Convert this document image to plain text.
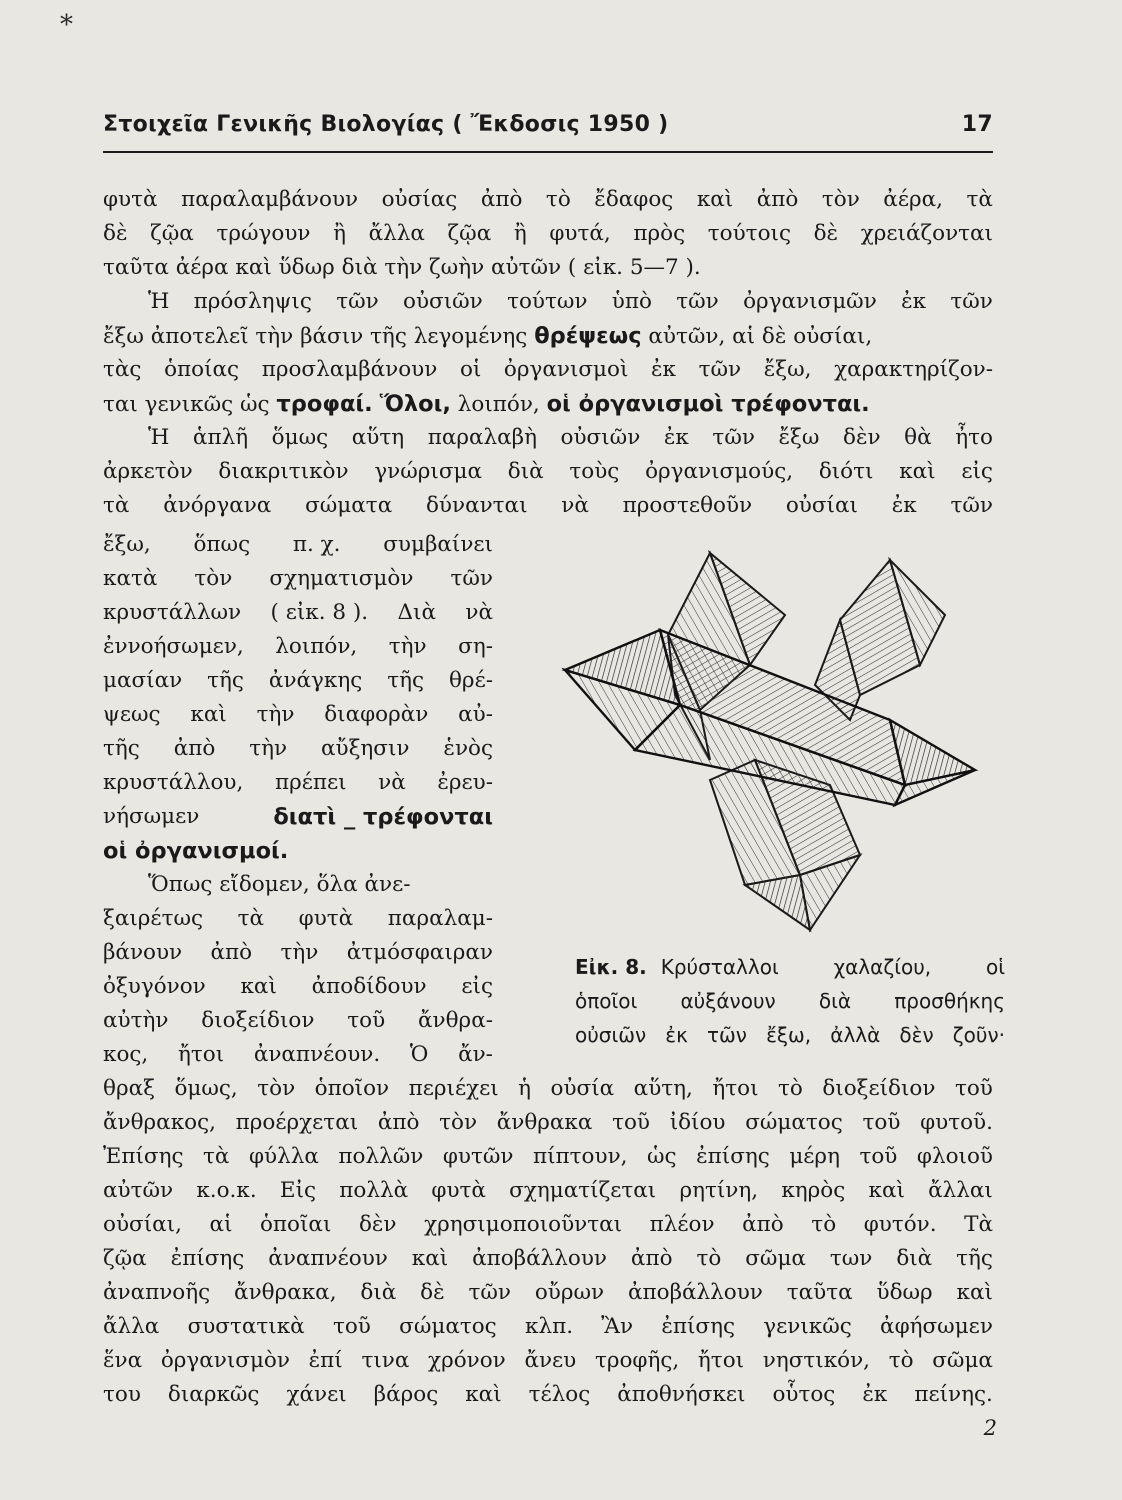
⁎
Στοιχεῖα Γενικῆς Βιολογίας ( Ἔκδοσις 1950 )	17
φυτὰ παραλαμβάνουν οὐσίας ἀπὸ τὸ ἔδαφος καὶ ἀπὸ τὸν ἀέρα, τὰ
δὲ ζῷα τρώγουν ἢ ἄλλα ζῷα ἢ φυτά, πρὸς τούτοις δὲ χρειάζονται
ταῦτα ἀέρα καὶ ὕδωρ διὰ τὴν ζωὴν αὐτῶν ( εἰκ. 5—7 ).
Ἡ πρόσληψις τῶν οὐσιῶν τούτων ὑπὸ τῶν ὀργανισμῶν ἐκ τῶν
ἔξω ἀποτελεῖ τὴν βάσιν τῆς λεγομένης θρέψεως αὐτῶν, αἱ δὲ οὐσίαι,
τὰς ὁποίας προσλαμβάνουν οἱ ὀργανισμοὶ ἐκ τῶν ἔξω, χαρακτηρίζον-
ται γενικῶς ὡς τροφαί. Ὅλοι, λοιπόν, οἱ ὀργανισμοὶ τρέφονται.
Ἡ ἁπλῆ ὅμως αὕτη παραλαβὴ οὐσιῶν ἐκ τῶν ἔξω δὲν θὰ ἦτο
ἀρκετὸν διακριτικὸν γνώρισμα διὰ τοὺς ὀργανισμούς, διότι καὶ εἰς
τὰ ἀνόργανα σώματα δύνανται νὰ προστεθοῦν οὐσίαι ἐκ τῶν
ἔξω, ὅπως π. χ. συμβαίνει
κατὰ τὸν σχηματισμὸν τῶν
κρυστάλλων ( εἰκ. 8 ). Διὰ νὰ
ἐννοήσωμεν, λοιπόν, τὴν ση-
μασίαν τῆς ἀνάγκης τῆς θρέ-
ψεως καὶ τὴν διαφορὰν αὐ-
τῆς ἀπὸ τὴν αὔξησιν ἑνὸς
κρυστάλλου, πρέπει νὰ ἐρευ-
νήσωμεν	διατὶ _ τρέφονται
οἱ ὀργανισμοί.
Ὅπως εἴδομεν, ὅλα ἀνε-
ξαιρέτως τὰ φυτὰ παραλαμ-
βάνουν ἀπὸ τὴν ἀτμόσφαιραν
ὀξυγόνον καὶ ἀποδίδουν εἰς
αὐτὴν διοξείδιον τοῦ ἄνθρα-
κος, ἤτοι ἀναπνέουν. Ὁ ἄν-
Εἰκ. 8. Κρύσταλλοι	χαλαζίου,	οἱ
ὁποῖοι αὐξάνουν διὰ προσθήκης
οὐσιῶν ἐκ τῶν ἔξω, ἀλλὰ δὲν ζοῦν·
θραξ ὅμως, τὸν ὁποῖον περιέχει ἡ οὐσία αὕτη, ἤτοι τὸ διοξείδιον τοῦ
ἄνθρακος, προέρχεται ἀπὸ τὸν ἄνθρακα τοῦ ἰδίου σώματος τοῦ φυτοῦ.
Ἐπίσης τὰ φύλλα πολλῶν φυτῶν πίπτουν, ὡς ἐπίσης μέρη τοῦ φλοιοῦ
αὐτῶν κ.ο.κ. Εἰς πολλὰ φυτὰ σχηματίζεται ρητίνη, κηρὸς καὶ ἄλλαι
οὐσίαι, αἱ ὁποῖαι δὲν χρησιμοποιοῦνται πλέον ἀπὸ τὸ φυτόν. Τὰ
ζῷα ἐπίσης ἀναπνέουν καὶ ἀποβάλλουν ἀπὸ τὸ σῶμα των διὰ τῆς
ἀναπνοῆς ἄνθρακα, διὰ δὲ τῶν οὔρων ἀποβάλλουν ταῦτα ὕδωρ καὶ
ἄλλα συστατικὰ τοῦ σώματος κλπ. Ἂν ἐπίσης γενικῶς ἀφήσωμεν
ἕνα ὀργανισμὸν ἐπί τινα χρόνον ἄνευ τροφῆς, ἤτοι νηστικόν, τὸ σῶμα
του διαρκῶς χάνει βάρος καὶ τέλος ἀποθνήσκει οὗτος ἐκ πείνης.
2
